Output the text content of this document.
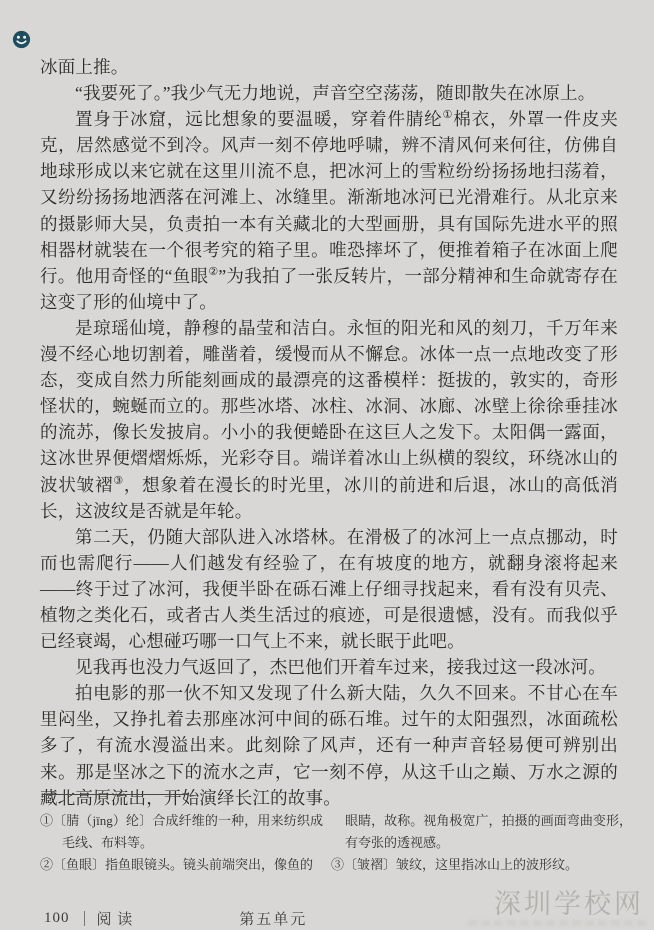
冰面上推。

“我要死了。”我少气无力地说，声音空空荡荡，随即散失在冰原上。

置身于冰窟，远比想象的要温暖，穿着件腈纶①棉衣，外罩一件皮夹克，居然感觉不到冷。风声一刻不停地呼啸，辨不清风何来何往，仿佛自地球形成以来它就在这里川流不息，把冰河上的雪粒纷纷扬扬地扫荡着，又纷纷扬扬地洒落在河滩上、冰缝里。渐渐地冰河已光滑难行。从北京来的摄影师大吴，负责拍一本有关藏北的大型画册，具有国际先进水平的照相器材就装在一个很考究的箱子里。唯恐摔坏了，便推着箱子在冰面上爬行。他用奇怪的“鱼眼②”为我拍了一张反转片，一部分精神和生命就寄存在这变了形的仙境中了。

是琼瑶仙境，静穆的晶莹和洁白。永恒的阳光和风的刻刀，千万年来漫不经心地切割着，雕凿着，缓慢而从不懈怠。冰体一点一点地改变了形态，变成自然力所能刻画成的最漂亮的这番模样：挺拔的，敦实的，奇形怪状的，蜿蜒而立的。那些冰塔、冰柱、冰洞、冰廊、冰壁上徐徐垂挂冰的流苏，像长发披肩。小小的我便蜷卧在这巨人之发下。太阳偶一露面，这冰世界便熠熠烁烁，光彩夺目。端详着冰山上纵横的裂纹，环绕冰山的波状皱褶③，想象着在漫长的时光里，冰川的前进和后退，冰山的高低消长，这波纹是否就是年轮。

第二天，仍随大部队进入冰塔林。在滑极了的冰河上一点点挪动，时而也需爬行——人们越发有经验了，在有坡度的地方，就翻身滚将起来——终于过了冰河，我便半卧在砾石滩上仔细寻找起来，看有没有贝壳、植物之类化石，或者古人类生活过的痕迹，可是很遗憾，没有。而我似乎已经衰竭，心想碰巧哪一口气上不来，就长眠于此吧。

见我再也没力气返回了，杰巴他们开着车过来，接我过这一段冰河。

拍电影的那一伙不知又发现了什么新大陆，久久不回来。不甘心在车里闷坐，又挣扎着去那座冰河中间的砾石堆。过午的太阳强烈，冰面疏松多了，有流水漫溢出来。此刻除了风声，还有一种声音轻易便可辨别出来。那是坚冰之下的流水之声，它一刻不停，从这千山之巅、万水之源的藏北高原流出，开始演绎长江的故事。

①〔腈（jīng）纶〕合成纤维的一种，用来纺织成毛线、布料等。
②〔鱼眼〕指鱼眼镜头。镜头前端突出，像鱼的
眼睛，故称。视角极宽广，拍摄的画面弯曲变形，有夸张的透视感。
③〔皱褶〕皱纹，这里指冰山上的波形纹。
100 阅 读	第五单元
深圳学校网
